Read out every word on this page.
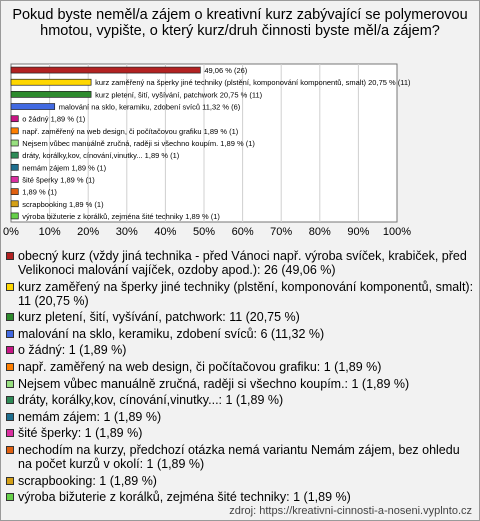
Pokud byste neměl/a zájem o kreativní kurz zabývající se polymerovou hmotou, vypište, o který kurz/druh činnosti byste měl/a zájem?
0% 10% 20% 30% 40% 50% 60% 70% 80% 90% 100%
49,06 % (26)
kurz zaměřený na šperky jiné techniky (plstění, komponování komponentů, smalt) 20,75 % (11)
kurz pletení, šití, vyšívání, patchwork 20,75 % (11)
malování na sklo, keramiku, zdobení svíců 11,32 % (6)
o žádný 1,89 % (1)
např. zaměřený na web design, či počítačovou grafiku 1,89 % (1)
Nejsem vůbec manuálně zručná, raději si všechno koupím. 1,89 % (1)
dráty, korálky,kov, cínování,vinutky... 1,89 % (1)
nemám zájem 1,89 % (1)
šité šperky 1,89 % (1)
1,89 % (1)
scrapbooking 1,89 % (1)
výroba bižuterie z korálků, zejména šité techniky 1,89 % (1)
obecný kurz (vždy jiná technika - před Vánoci např. výroba svíček, krabiček, před Velikonoci malování vajíček, ozdoby apod.): 26 (49,06 %)
kurz zaměřený na šperky jiné techniky (plstění, komponování komponentů, smalt): 11 (20,75 %)
kurz pletení, šití, vyšívání, patchwork: 11 (20,75 %)
malování na sklo, keramiku, zdobení svíců: 6 (11,32 %)
o žádný: 1 (1,89 %)
např. zaměřený na web design, či počítačovou grafiku: 1 (1,89 %)
Nejsem vůbec manuálně zručná, raději si všechno koupím.: 1 (1,89 %)
dráty, korálky,kov, cínování,vinutky...: 1 (1,89 %)
nemám zájem: 1 (1,89 %)
šité šperky: 1 (1,89 %)
nechodím na kurzy, předchozí otázka nemá variantu Nemám zájem, bez ohledu na počet kurzů v okolí: 1 (1,89 %)
scrapbooking: 1 (1,89 %)
výroba bižuterie z korálků, zejména šité techniky: 1 (1,89 %)
zdroj: https://kreativni-cinnosti-a-noseni.vyplnto.cz
